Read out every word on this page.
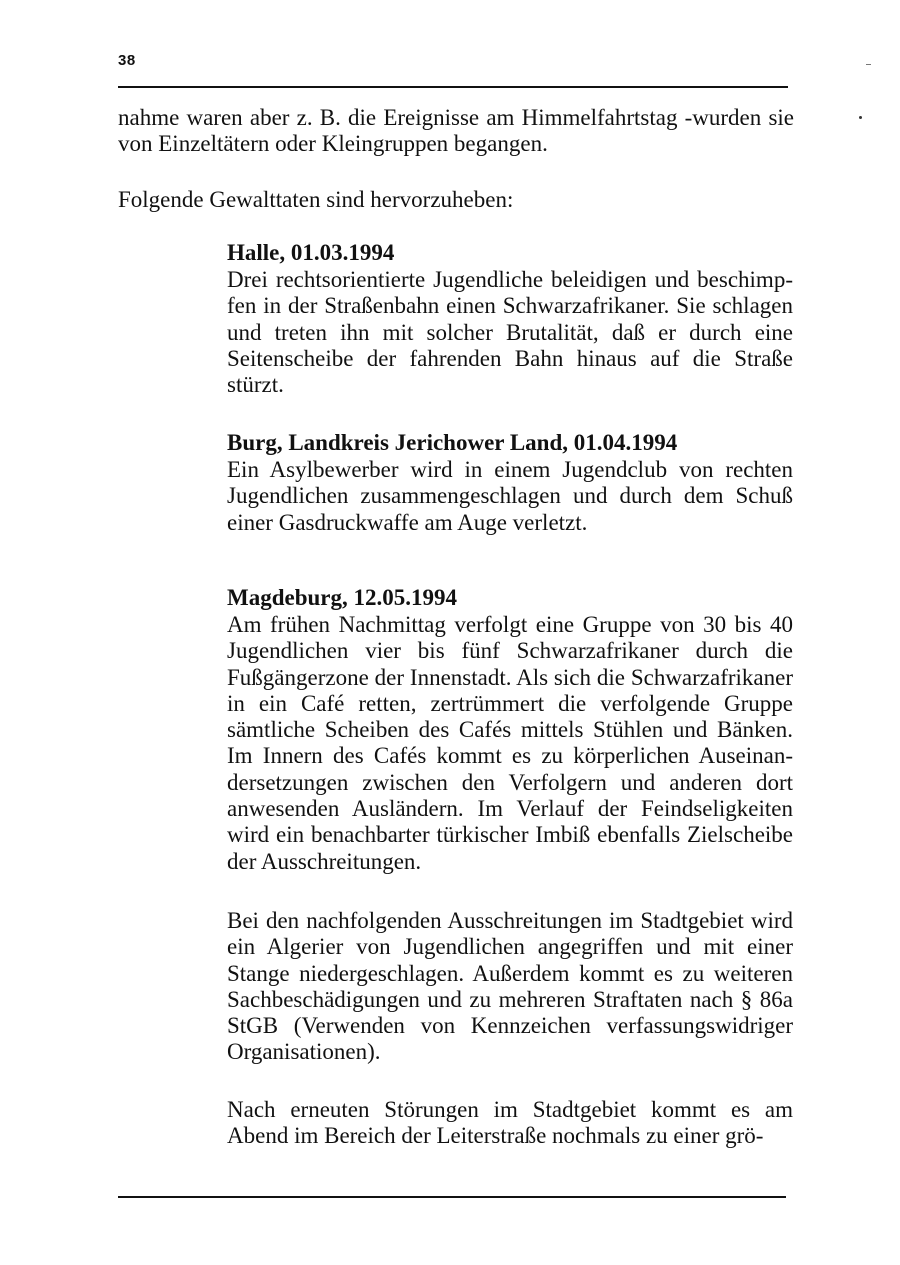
38

nahme waren aber z. B. die Ereignisse am Himmelfahrtstag -wurden sie von Einzeltätern oder Kleingruppen begangen.

Folgende Gewalttaten sind hervorzuheben:

Halle, 01.03.1994

Drei rechtsorientierte Jugendliche beleidigen und beschimpfen in der Straßenbahn einen Schwarzafrikaner. Sie schlagen und treten ihn mit solcher Brutalität, daß er durch eine Seitenscheibe der fahrenden Bahn hinaus auf die Straße stürzt.

Burg, Landkreis Jerichower Land, 01.04.1994

Ein Asylbewerber wird in einem Jugendclub von rechten Jugendlichen zusammengeschlagen und durch dem Schuß einer Gasdruckwaffe am Auge verletzt.

Magdeburg, 12.05.1994

Am frühen Nachmittag verfolgt eine Gruppe von 30 bis 40 Jugendlichen vier bis fünf Schwarzafrikaner durch die Fußgängerzone der Innenstadt. Als sich die Schwarzafrikaner in ein Café retten, zertrümmert die verfolgende Gruppe sämtliche Scheiben des Cafés mittels Stühlen und Bänken. Im Innern des Cafés kommt es zu körperlichen Auseinandersetzungen zwischen den Verfolgern und anderen dort anwesenden Ausländern. Im Verlauf der Feindseligkeiten wird ein benachbarter türkischer Imbiß ebenfalls Zielscheibe der Ausschreitungen.

Bei den nachfolgenden Ausschreitungen im Stadtgebiet wird ein Algerier von Jugendlichen angegriffen und mit einer Stange niedergeschlagen. Außerdem kommt es zu weiteren Sachbeschädigungen und zu mehreren Straftaten nach § 86a StGB (Verwenden von Kennzeichen verfassungswidriger Organisationen).

Nach erneuten Störungen im Stadtgebiet kommt es am Abend im Bereich der Leiterstraße nochmals zu einer grö-
